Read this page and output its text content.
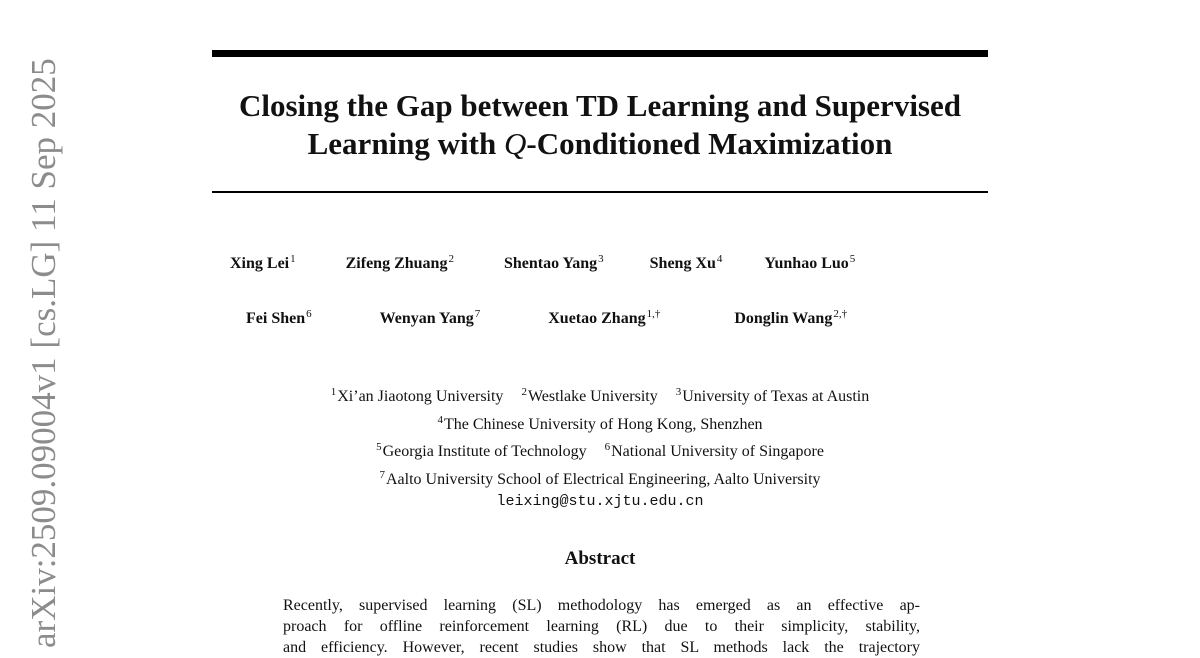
Closing the Gap between TD Learning and Supervised
Learning with Q-Conditioned Maximization
Xing Lei$^1$	Zifeng Zhuang$^2$	Shentao Yang$^3$	Sheng Xu$^4$	Yunhao Luo$^5$
Fei Shen$^6$	Wenyan Yang$^7$	Xuetao Zhang$^{1,\dagger}$	Donglin Wang$^{2,\dagger}$
$^1$Xi’an Jiaotong University $^2$Westlake University $^3$University of Texas at Austin
$^4$The Chinese University of Hong Kong, Shenzhen
$^5$Georgia Institute of Technology $^6$National University of Singapore
$^7$Aalto University School of Electrical Engineering, Aalto University
leixing@stu.xjtu.edu.cn
Abstract
Recently, supervised learning (SL) methodology has emerged as an effective ap-
proach for offline reinforcement learning (RL) due to their simplicity, stability,
and efficiency. However, recent studies show that SL methods lack the trajectory
arXiv:2509.09004v1 [cs.LG] 11 Sep 2025
